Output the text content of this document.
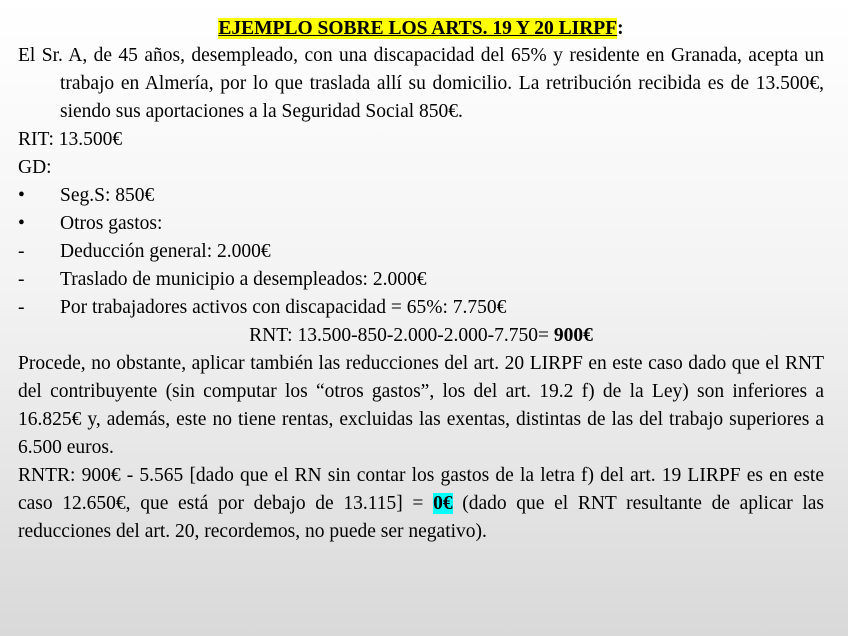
EJEMPLO SOBRE LOS ARTS. 19 Y 20 LIRPF:

El Sr. A, de 45 años, desempleado, con una discapacidad del 65% y residente en Granada, acepta un trabajo en Almería, por lo que traslada allí su domicilio. La retribución recibida es de 13.500€, siendo sus aportaciones a la Seguridad Social 850€.

RIT: 13.500€

GD:

•	Seg.S: 850€
•	Otros gastos:
-	Deducción general: 2.000€
-	Traslado de municipio a desempleados: 2.000€
-	Por trabajadores activos con discapacidad = 65%: 7.750€

RNT: 13.500-850-2.000-2.000-7.750= 900€

Procede, no obstante, aplicar también las reducciones del art. 20 LIRPF en este caso dado que el RNT del contribuyente (sin computar los “otros gastos”, los del art. 19.2 f) de la Ley) son inferiores a 16.825€ y, además, este no tiene rentas, excluidas las exentas, distintas de las del trabajo superiores a 6.500 euros.

RNTR: 900€ - 5.565 [dado que el RN sin contar los gastos de la letra f) del art. 19 LIRPF es en este caso 12.650€, que está por debajo de 13.115] = 0€ (dado que el RNT resultante de aplicar las reducciones del art. 20, recordemos, no puede ser negativo).
